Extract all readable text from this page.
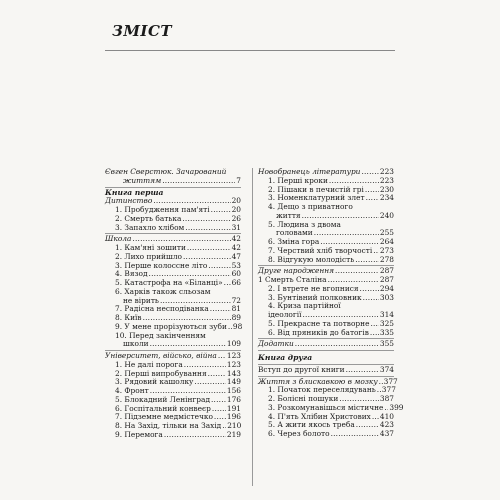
ЗМІСТ
Євген Сверстюк. Зачарований
життям .....	7
Книга перша
Дитинство .....	20
1. Пробудження пам'яті .....	20
2. Смерть батька .....	26
3. Запахло хлібом .....	31
Школа .....	42
1. Кам'яні зошити .....	42
2. Лихо прийшло .....	47
3. Перше колоссне літо .....	53
4. Вязод .....	60
5. Катастрофа на «Біланці» ..... 66
6. Харків також сльозам
не вірить .....	72
7. Радісна несподіванка .....	81
8. Київ .....	89
9. У мене прорізуються зуби ..... 98
10. Перед закінченням
школи .....	109
Університет, військо, війна ..... 123
1. Не далі порога .....	123
2. Перші випробування .....	143
3. Рядовий кашолку .....	149
4. Фронт .....	156
5. Блокадний Ленінград ..... 176
6. Госпітальний конвеєр ..... 191
7. Підземне медмістечко ..... 196
8. На Захід, тільки на Захід ..... 210
9. Перемога .....	219
Новобранець літератури .....	223
1. Перші кроки .....	223
2. Пішаки в печистій грі ..... 230
3. Номенклатурний злет ..... 234
4. Дещо з приватного
життя .....	240
5. Людина з двома
головами .....	255
6. Зміна гора .....	264
7. Черствий хліб творчості ..... 273
8. Відгукую молодість .....	278
Друге народження .....	287
1 Смерть Сталіна .....	287
2. І втрете не вгопнися .....	294
3. Бунтівний полковник ..... 303
4. Криза партійної
ідеології .....	314
5. Прекрасне та потворне ..... 325
6. Від пряників до батогів ..... 335
Додатки .....	355
Книга друга
Вступ до другої книги .....	374
Життя з блискавкою в мозку ..... 377
1. Початок переселядувань ..... 377
2. Болісні пошуки .....	387
3. Розкомунавішься містичне ..... 399
4. П'ять Хлібин Христових ..... 410
5. А жити якось треба .....	423
6. Через болото .....	437
